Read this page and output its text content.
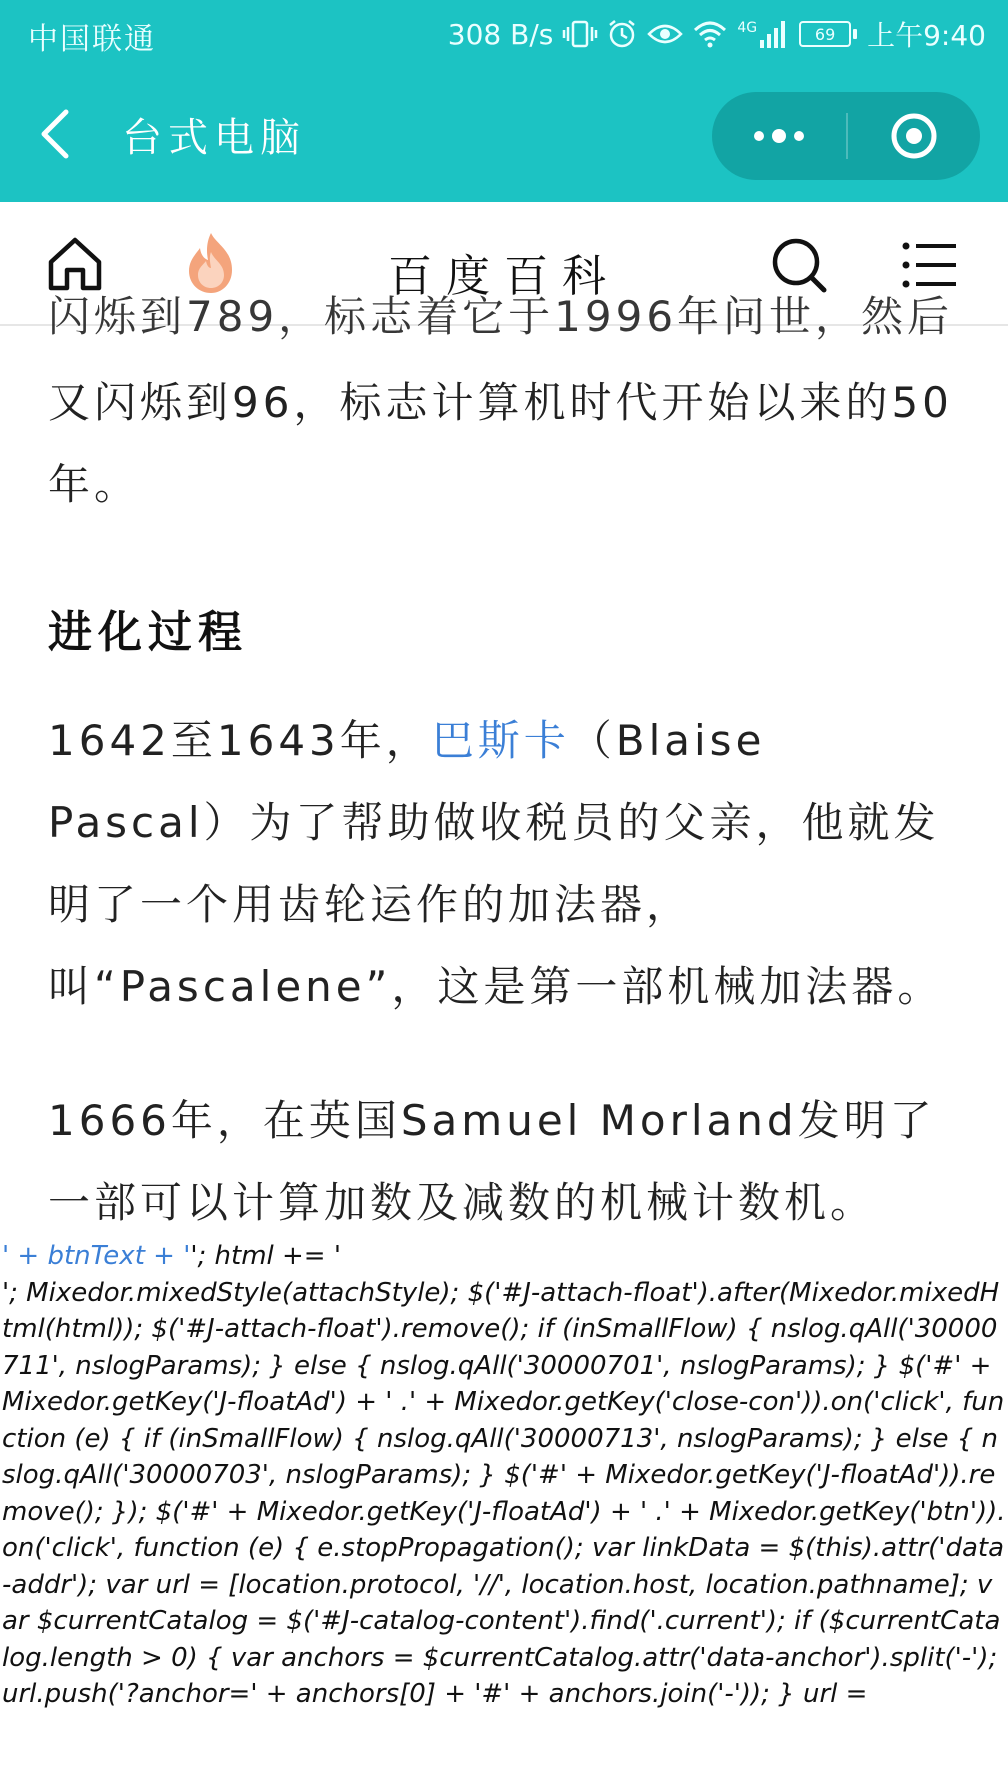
中国联通	308 B/s	4G	69 上午9:40
台式电脑
百度百科

闪烁到789，标志着它于1996年问世，然后

又闪烁到96，标志计算机时代开始以来的50年。

进化过程

1642至1643年，巴斯卡（Blaise Pascal）为了帮助做收税员的父亲，他就发明了一个用齿轮运作的加法器，叫“Pascalene”，这是第一部机械加法器。

1666年，在英国Samuel Morland发明了一部可以计算加数及减数的机械计数机。

' + btnText + ''; html += '
'; Mixedor.mixedStyle(attachStyle); $('#J-attach-float').after(Mixedor.mixedHtml(html)); $('#J-attach-float').remove(); if (inSmallFlow) { nslog.qAll('30000711', nslogParams); } else { nslog.qAll('30000701', nslogParams); } $('#' + Mixedor.getKey('J-floatAd') + ' .' + Mixedor.getKey('close-con')).on('click', function (e) { if (inSmallFlow) { nslog.qAll('30000713', nslogParams); } else { nslog.qAll('30000703', nslogParams); } $('#' + Mixedor.getKey('J-floatAd')).remove(); }); $('#' + Mixedor.getKey('J-floatAd') + ' .' + Mixedor.getKey('btn')).on('click', function (e) { e.stopPropagation(); var linkData = $(this).attr('data-addr'); var url = [location.protocol, '//', location.host, location.pathname]; var $currentCatalog = $('#J-catalog-content').find('.current'); if ($currentCatalog.length > 0) { var anchors = $currentCatalog.attr('data-anchor').split('-'); url.push('?anchor=' + anchors[0] + '#' + anchors.join('-')); } url =
